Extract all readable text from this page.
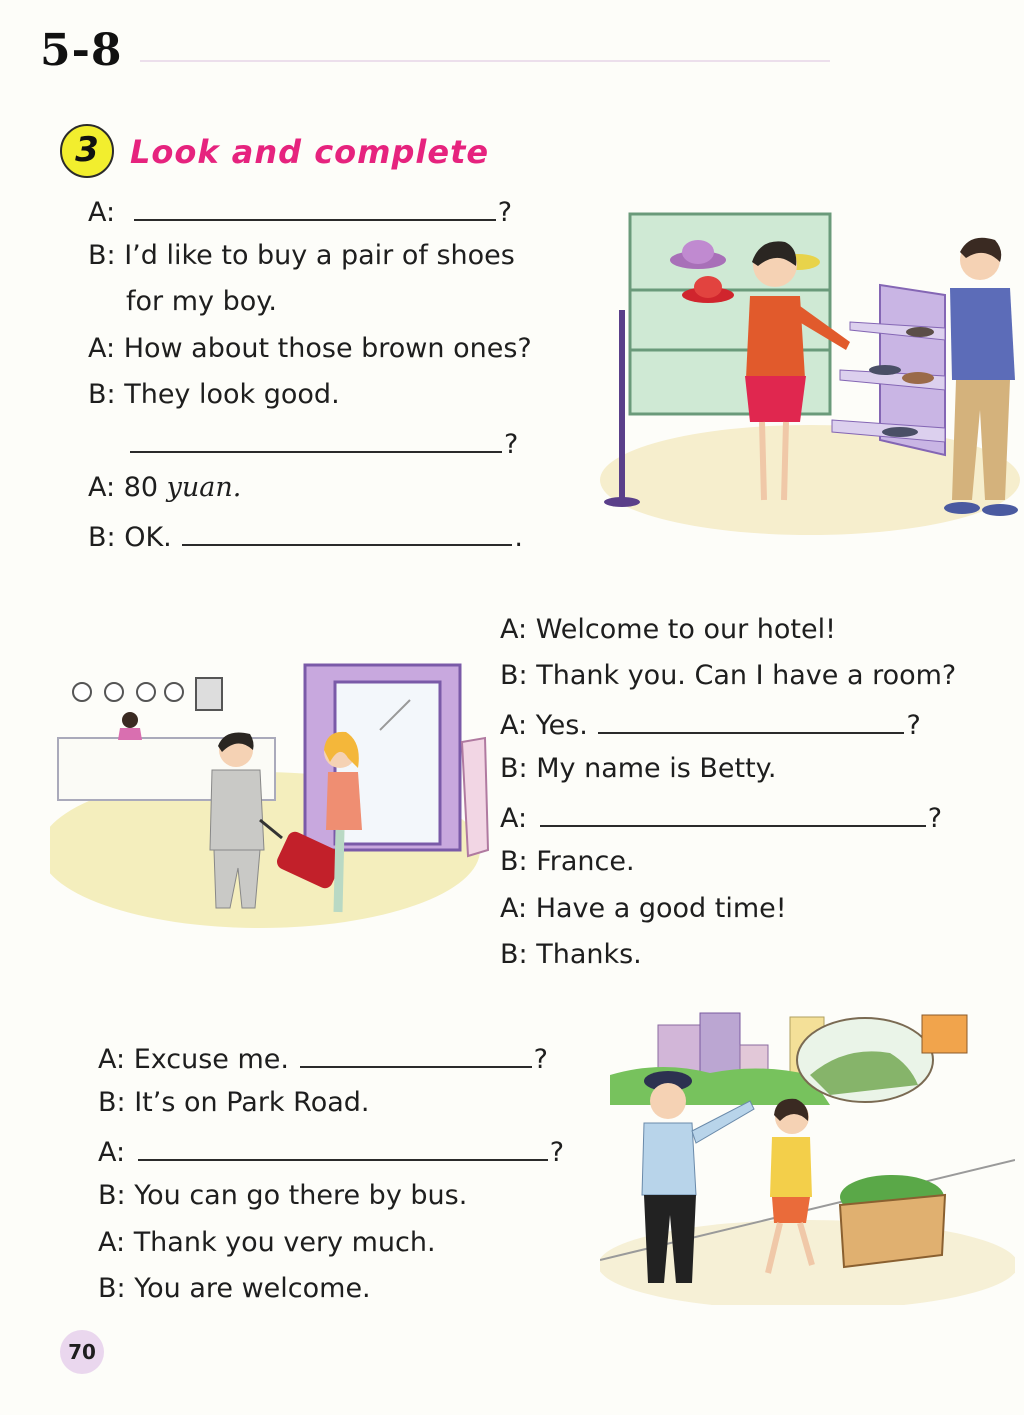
5-8
3 Look and complete
A:	?
B: I’d like to buy a pair of shoes
for my boy.
A: How about those brown ones?
B: They look good.
?
A: 80 yuan.
B: OK.	.
A: Welcome to our hotel!
B: Thank you. Can I have a room?
A: Yes.	?
B: My name is Betty.
A:	?
B: France.
A: Have a good time!
B: Thanks.
A: Excuse me.	?
B: It’s on Park Road.
A:	?
B: You can go there by bus.
A: Thank you very much.
B: You are welcome.
70
